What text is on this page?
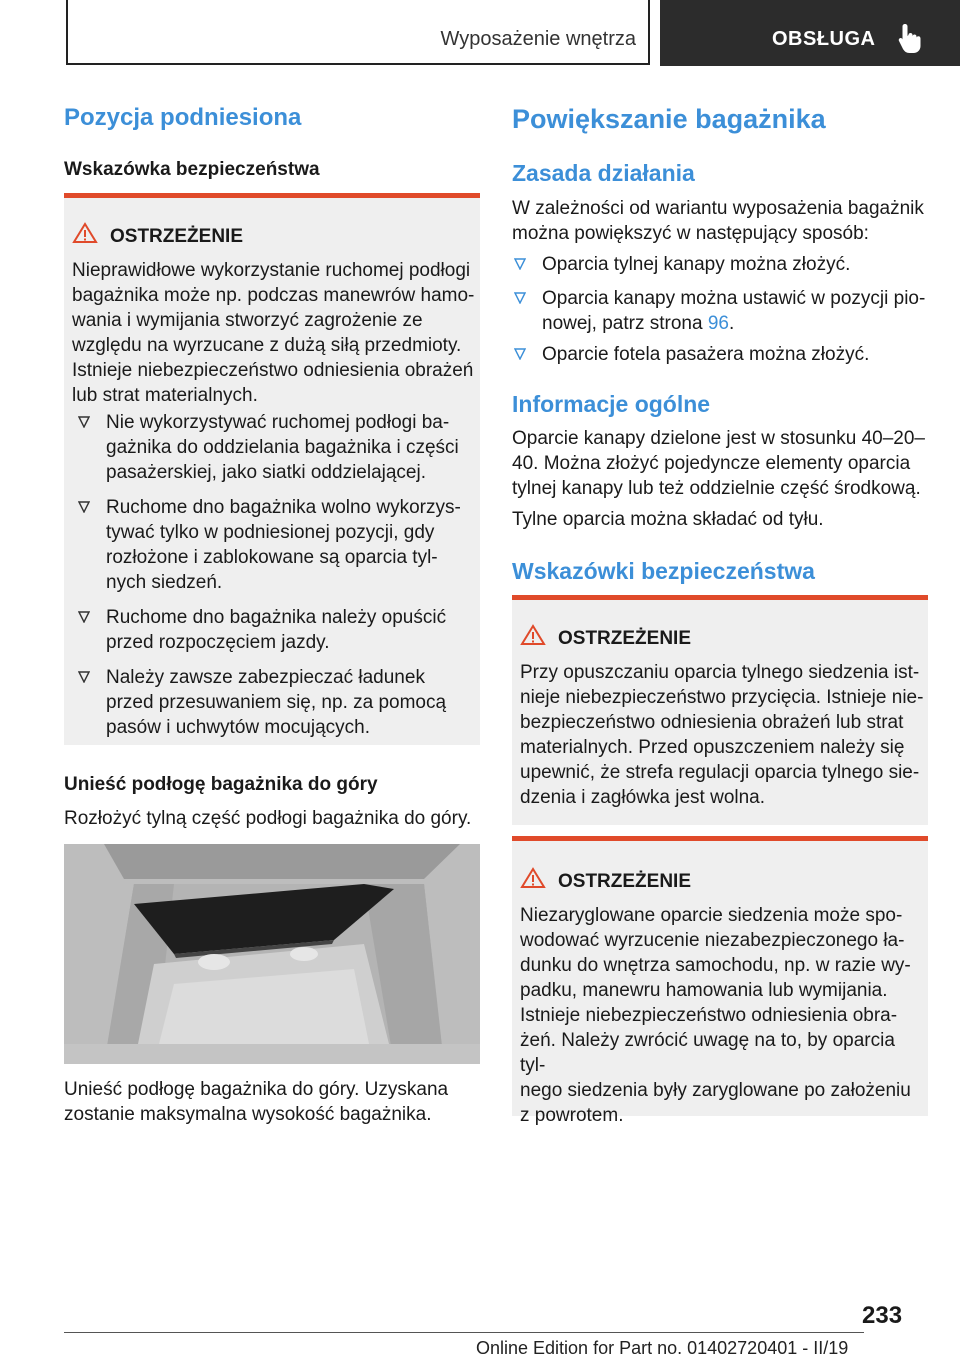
Wyposażenie wnętrza	OBSŁUGA
Pozycja podniesiona

Wskazówka bezpieczeństwa

OSTRZEŻENIE
Nieprawidłowe wykorzystanie ruchomej podłogi
bagażnika może np. podczas manewrów hamo-
wania i wymijania stworzyć zagrożenie ze
względu na wyrzucane z dużą siłą przedmioty.
Istnieje niebezpieczeństwo odniesienia obrażeń
lub strat materialnych.
Nie wykorzystywać ruchomej podłogi ba-
gażnika do oddzielania bagażnika i części
pasażerskiej, jako siatki oddzielającej.
Ruchome dno bagażnika wolno wykorzys-
tywać tylko w podniesionej pozycji, gdy
rozłożone i zablokowane są oparcia tyl-
nych siedzeń.
Ruchome dno bagażnika należy opuścić
przed rozpoczęciem jazdy.
Należy zawsze zabezpieczać ładunek
przed przesuwaniem się, np. za pomocą
pasów i uchwytów mocujących.

Unieść podłogę bagażnika do góry

Rozłożyć tylną część podłogi bagażnika do góry.

Unieść podłogę bagażnika do góry. Uzyskana
zostanie maksymalna wysokość bagażnika.
Powiększanie bagażnika
Zasada działania
W zależności od wariantu wyposażenia bagażnik
można powiększyć w następujący sposób:
Oparcia tylnej kanapy można złożyć.
Oparcia kanapy można ustawić w pozycji pio-
nowej, patrz strona 96.
Oparcie fotela pasażera można złożyć.
Informacje ogólne
Oparcie kanapy dzielone jest w stosunku 40–20–
40. Można złożyć pojedyncze elementy oparcia
tylnej kanapy lub też oddzielnie część środkową.

Tylne oparcia można składać od tyłu.

Wskazówki bezpieczeństwa
OSTRZEŻENIE
Przy opuszczaniu oparcia tylnego siedzenia ist-
nieje niebezpieczeństwo przycięcia. Istnieje nie-
bezpieczeństwo odniesienia obrażeń lub strat
materialnych. Przed opuszczeniem należy się
upewnić, że strefa regulacji oparcia tylnego sie-
dzenia i zagłówka jest wolna.
OSTRZEŻENIE
Niezaryglowane oparcie siedzenia może spo-
wodować wyrzucenie niezabezpieczonego ła-
dunku do wnętrza samochodu, np. w razie wy-
padku, manewru hamowania lub wymijania.
Istnieje niebezpieczeństwo odniesienia obra-
żeń. Należy zwrócić uwagę na to, by oparcia tyl-
nego siedzenia były zaryglowane po założeniu
z powrotem.
233
Online Edition for Part no. 01402720401 - II/19
